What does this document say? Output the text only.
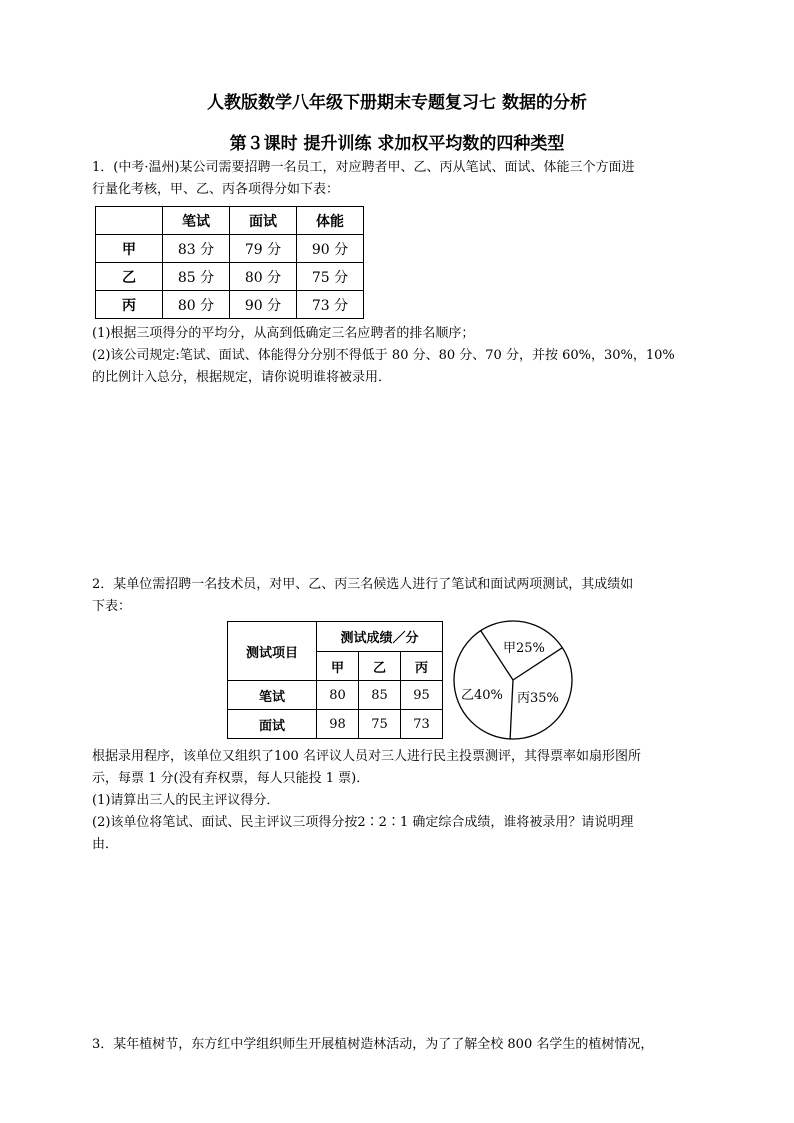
人教版数学八年级下册期末专题复习七 数据的分析
第３课时 提升训练 求加权平均数的四种类型
1．(中考·温州)某公司需要招聘一名员工，对应聘者甲、乙、丙从笔试、面试、体能三个方面进
行量化考核，甲、乙、丙各项得分如下表：
	笔试	面试	体能
甲	83 分	79 分	90 分
乙	85 分	80 分	75 分
丙	80 分	90 分	73 分
(1)根据三项得分的平均分，从高到低确定三名应聘者的排名顺序；
(2)该公司规定:笔试、面试、体能得分分别不得低于 80 分、80 分、70 分，并按 60%，30%，10%
的比例计入总分，根据规定，请你说明谁将被录用．
2．某单位需招聘一名技术员，对甲、乙、丙三名候选人进行了笔试和面试两项测试，其成绩如
下表：
测试项目	测试成绩／分		
	甲	乙	丙
笔试	80	85	95
面试	98	75	73
甲25%
乙40% 丙35%
根据录用程序，该单位又组织了100 名评议人员对三人进行民主投票测评，其得票率如扇形图所
示，每票 1 分(没有弃权票，每人只能投 1 票)．
(1)请算出三人的民主评议得分．
(2)该单位将笔试、面试、民主评议三项得分按2∶2∶1 确定综合成绩，谁将被录用？请说明理
由．
3．某年植树节，东方红中学组织师生开展植树造林活动，为了了解全校 800 名学生的植树情况，
